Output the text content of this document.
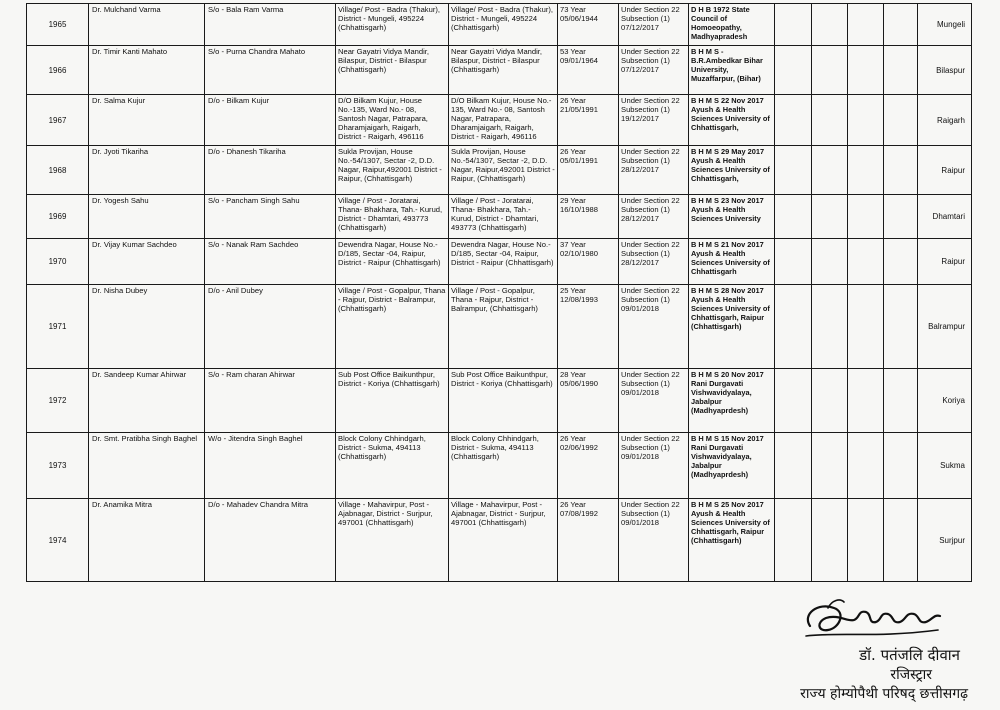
1965	Dr. Mulchand Varma	S/o - Bala Ram Varma	Village/ Post - Badra (Thakur), District - Mungeli, 495224 (Chhattisgarh)	Village/ Post - Badra (Thakur), District - Mungeli, 495224 (Chhattisgarh)	73 Year 05/06/1944	Under Section 22 Subsection (1) 07/12/2017	D H B 1972 State Council of Homoeopathy, Madhyapradesh					Mungeli
1966	Dr. Timir Kanti Mahato	S/o - Purna Chandra Mahato	Near Gayatri Vidya Mandir, Bilaspur, District - Bilaspur (Chhattisgarh)	Near Gayatri Vidya Mandir, Bilaspur, District - Bilaspur (Chhattisgarh)	53 Year 09/01/1964	Under Section 22 Subsection (1) 07/12/2017	B H M S - B.R.Ambedkar Bihar University, Muzaffarpur, (Bihar)					Bilaspur
1967	Dr. Salma Kujur	D/o - Bilkam Kujur	D/O Bilkam Kujur, House No.-135, Ward No.- 08, Santosh Nagar, Patrapara, Dharamjaigarh, Raigarh, District - Raigarh, 496116	D/O Bilkam Kujur, House No.- 135, Ward No.- 08, Santosh Nagar, Patrapara, Dharamjaigarh, Raigarh, District - Raigarh, 496116	26 Year 21/05/1991	Under Section 22 Subsection (1) 19/12/2017	B H M S 22 Nov 2017 Ayush & Health Sciences University of Chhattisgarh,					Raigarh
1968	Dr. Jyoti Tikariha	D/o - Dhanesh Tikariha	Sukla Provijan, House No.-54/1307, Sectar -2, D.D. Nagar, Raipur,492001 District - Raipur, (Chhattisgarh)	Sukla Provijan, House No.-54/1307, Sectar -2, D.D. Nagar, Raipur,492001 District - Raipur, (Chhattisgarh)	26 Year 05/01/1991	Under Section 22 Subsection (1) 28/12/2017	B H M S 29 May 2017 Ayush & Health Sciences University of Chhattisgarh,					Raipur
1969	Dr. Yogesh Sahu	S/o - Pancham Singh Sahu	Village / Post - Joratarai, Thana- Bhakhara, Tah.- Kurud, District - Dhamtari, 493773 (Chhattisgarh)	Village / Post - Joratarai, Thana- Bhakhara, Tah.- Kurud, District - Dhamtari, 493773 (Chhattisgarh)	29 Year 16/10/1988	Under Section 22 Subsection (1) 28/12/2017	B H M S 23 Nov 2017 Ayush & Health Sciences University					Dhamtari
1970	Dr. Vijay Kumar Sachdeo	S/o - Nanak Ram Sachdeo	Dewendra Nagar, House No.- D/185, Sectar -04, Raipur, District - Raipur (Chhattisgarh)	Dewendra Nagar, House No.- D/185, Sectar -04, Raipur, District - Raipur (Chhattisgarh)	37 Year 02/10/1980	Under Section 22 Subsection (1) 28/12/2017	B H M S 21 Nov 2017 Ayush & Health Sciences University of Chhattisgarh					Raipur
1971	Dr. Nisha Dubey	D/o - Anil Dubey	Village / Post - Gopalpur, Thana - Rajpur, District - Balrampur, (Chhattisgarh)	Village / Post - Gopalpur, Thana - Rajpur, District - Balrampur, (Chhattisgarh)	25 Year 12/08/1993	Under Section 22 Subsection (1) 09/01/2018	B H M S 28 Nov 2017 Ayush & Health Sciences University of Chhattisgarh, Raipur (Chhattisgarh)					Balrampur
1972	Dr. Sandeep Kumar Ahirwar	S/o - Ram charan Ahirwar	Sub Post Office Baikunthpur, District - Koriya (Chhattisgarh)	Sub Post Office Baikunthpur, District - Koriya (Chhattisgarh)	28 Year 05/06/1990	Under Section 22 Subsection (1) 09/01/2018	B H M S 20 Nov 2017 Rani Durgavati Vishwavidyalaya, Jabalpur (Madhyaprdesh)					Koriya
1973	Dr. Smt. Pratibha Singh Baghel	W/o - Jitendra Singh Baghel	Block Colony Chhindgarh, District - Sukma, 494113 (Chhattisgarh)	Block Colony Chhindgarh, District - Sukma, 494113 (Chhattisgarh)	26 Year 02/06/1992	Under Section 22 Subsection (1) 09/01/2018	B H M S 15 Nov 2017 Rani Durgavati Vishwavidyalaya, Jabalpur (Madhyaprdesh)					Sukma
1974	Dr. Anamika Mitra	D/o - Mahadev Chandra Mitra	Village - Mahavirpur, Post - Ajabnagar, District - Surjpur, 497001 (Chhattisgarh)	Village - Mahavirpur, Post - Ajabnagar, District - Surjpur, 497001 (Chhattisgarh)	26 Year 07/08/1992	Under Section 22 Subsection (1) 09/01/2018	B H M S 25 Nov 2017 Ayush & Health Sciences University of Chhattisgarh, Raipur (Chhattisgarh)					Surjpur
डॉ. पतंजलि दीवान
रजिस्ट्रार
राज्य होम्योपैथी परिषद् छत्तीसगढ़
